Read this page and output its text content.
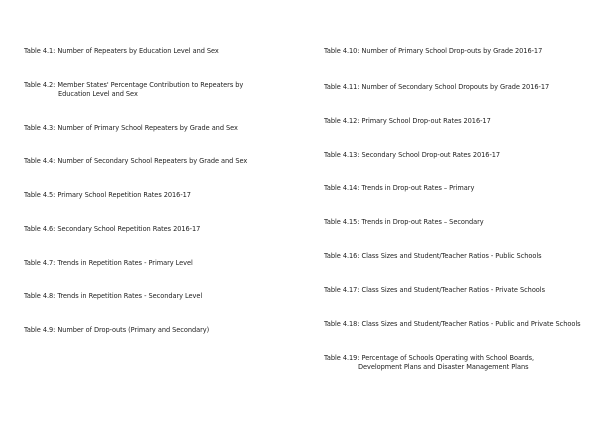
Table 4.1: Number of Repeaters by Education Level and Sex
Table 4.2: Member States' Percentage Contribution to Repeaters by
Education Level and Sex
Table 4.3: Number of Primary School Repeaters by Grade and Sex
Table 4.4: Number of Secondary School Repeaters by Grade and Sex
Table 4.5: Primary School Repetition Rates 2016-17
Table 4.6: Secondary School Repetition Rates 2016-17
Table 4.7: Trends in Repetition Rates - Primary Level
Table 4.8: Trends in Repetition Rates - Secondary Level
Table 4.9: Number of Drop-outs (Primary and Secondary)
Table 4.10: Number of Primary School Drop-outs by Grade 2016-17
Table 4.11: Number of Secondary School Dropouts by Grade 2016-17
Table 4.12: Primary School Drop-out Rates 2016-17
Table 4.13: Secondary School Drop-out Rates 2016-17
Table 4.14: Trends in Drop-out Rates – Primary
Table 4.15: Trends in Drop-out Rates – Secondary
Table 4.16: Class Sizes and Student/Teacher Ratios - Public Schools
Table 4.17: Class Sizes and Student/Teacher Ratios - Private Schools
Table 4.18: Class Sizes and Student/Teacher Ratios - Public and Private Schools
Table 4.19: Percentage of Schools Operating with School Boards,
Development Plans and Disaster Management Plans
